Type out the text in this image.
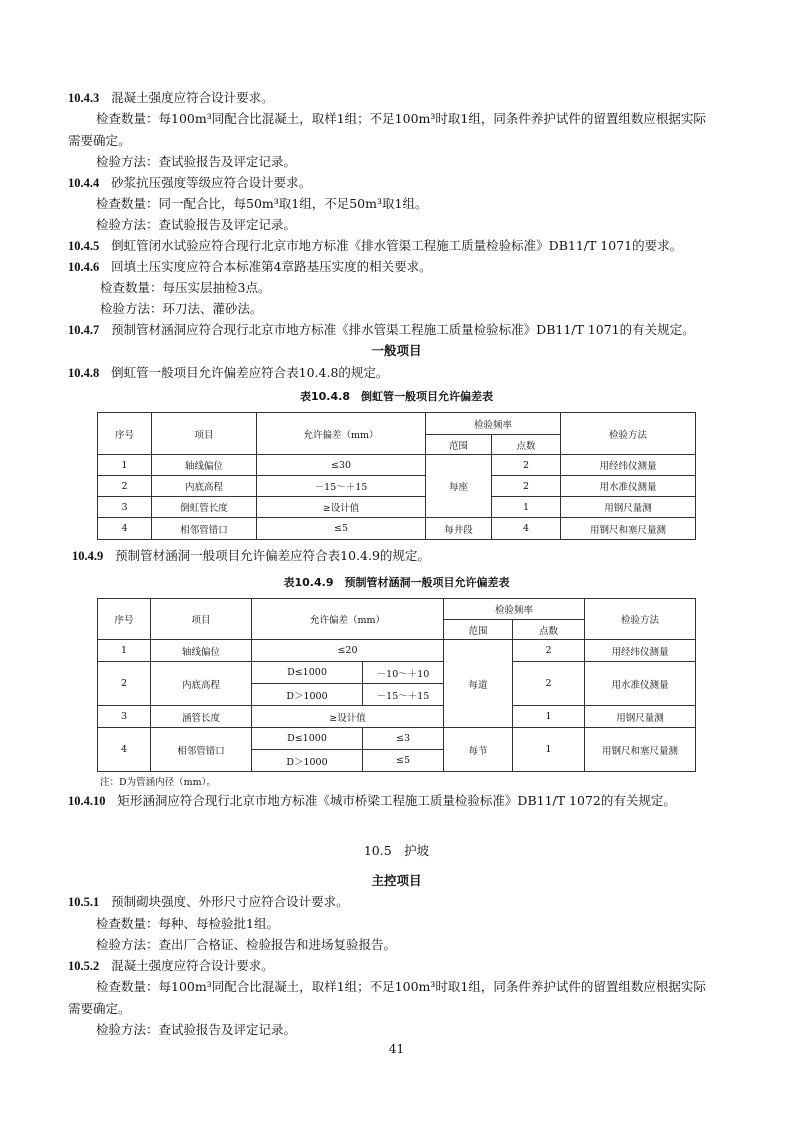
10.4.3 混凝土强度应符合设计要求。
检查数量：每100m³同配合比混凝土，取样1组；不足100m³时取1组，同条件养护试件的留置组数应根据实际
需要确定。
检验方法：查试验报告及评定记录。
10.4.4 砂浆抗压强度等级应符合设计要求。
检查数量：同一配合比，每50m³取1组，不足50m³取1组。
检验方法：查试验报告及评定记录。
10.4.5 倒虹管闭水试验应符合现行北京市地方标准《排水管渠工程施工质量检验标准》DB11/T 1071的要求。
10.4.6 回填土压实度应符合本标准第4章路基压实度的相关要求。
检查数量：每压实层抽检3点。
检验方法：环刀法、灌砂法。
10.4.7 预制管材涵洞应符合现行北京市地方标准《排水管渠工程施工质量检验标准》DB11/T 1071的有关规定。
一般项目
10.4.8 倒虹管一般项目允许偏差应符合表10.4.8的规定。
表10.4.8　倒虹管一般项目允许偏差表
序号	项目	允许偏差（mm）	检验频率		检验方法
			范围	点数	
1	轴线偏位	≤30	每座	2	用经纬仪测量
2	内底高程	－15～＋15		2	用水准仪测量
3	倒虹管长度	≥设计值		1	用钢尺量测
4	相邻管错口	≤5	每井段	4	用钢尺和塞尺量测
10.4.9 预制管材涵洞一般项目允许偏差应符合表10.4.9的规定。
表10.4.9　预制管材涵洞一般项目允许偏差表
序号	项目	允许偏差（mm）		检验频率		检验方法
				范围	点数	
1	轴线偏位	≤20		每道	2	用经纬仪测量
2	内底高程	D≤1000	－10～＋10		2	用水准仪测量
		D＞1000	－15～＋15			
3	涵管长度	≥设计值			1	用钢尺量测
4	相邻管错口	D≤1000	≤3	每节	1	用钢尺和塞尺量测
		D＞1000	≤5			
注：D为管涵内径（mm）。
10.4.10 矩形涵洞应符合现行北京市地方标准《城市桥梁工程施工质量检验标准》DB11/T 1072的有关规定。
10.5　护坡
主控项目
10.5.1 预制砌块强度、外形尺寸应符合设计要求。
检查数量：每种、每检验批1组。
检验方法：查出厂合格证、检验报告和进场复验报告。
10.5.2 混凝土强度应符合设计要求。
检查数量：每100m³同配合比混凝土，取样1组；不足100m³时取1组，同条件养护试件的留置组数应根据实际
需要确定。
检验方法：查试验报告及评定记录。
41
